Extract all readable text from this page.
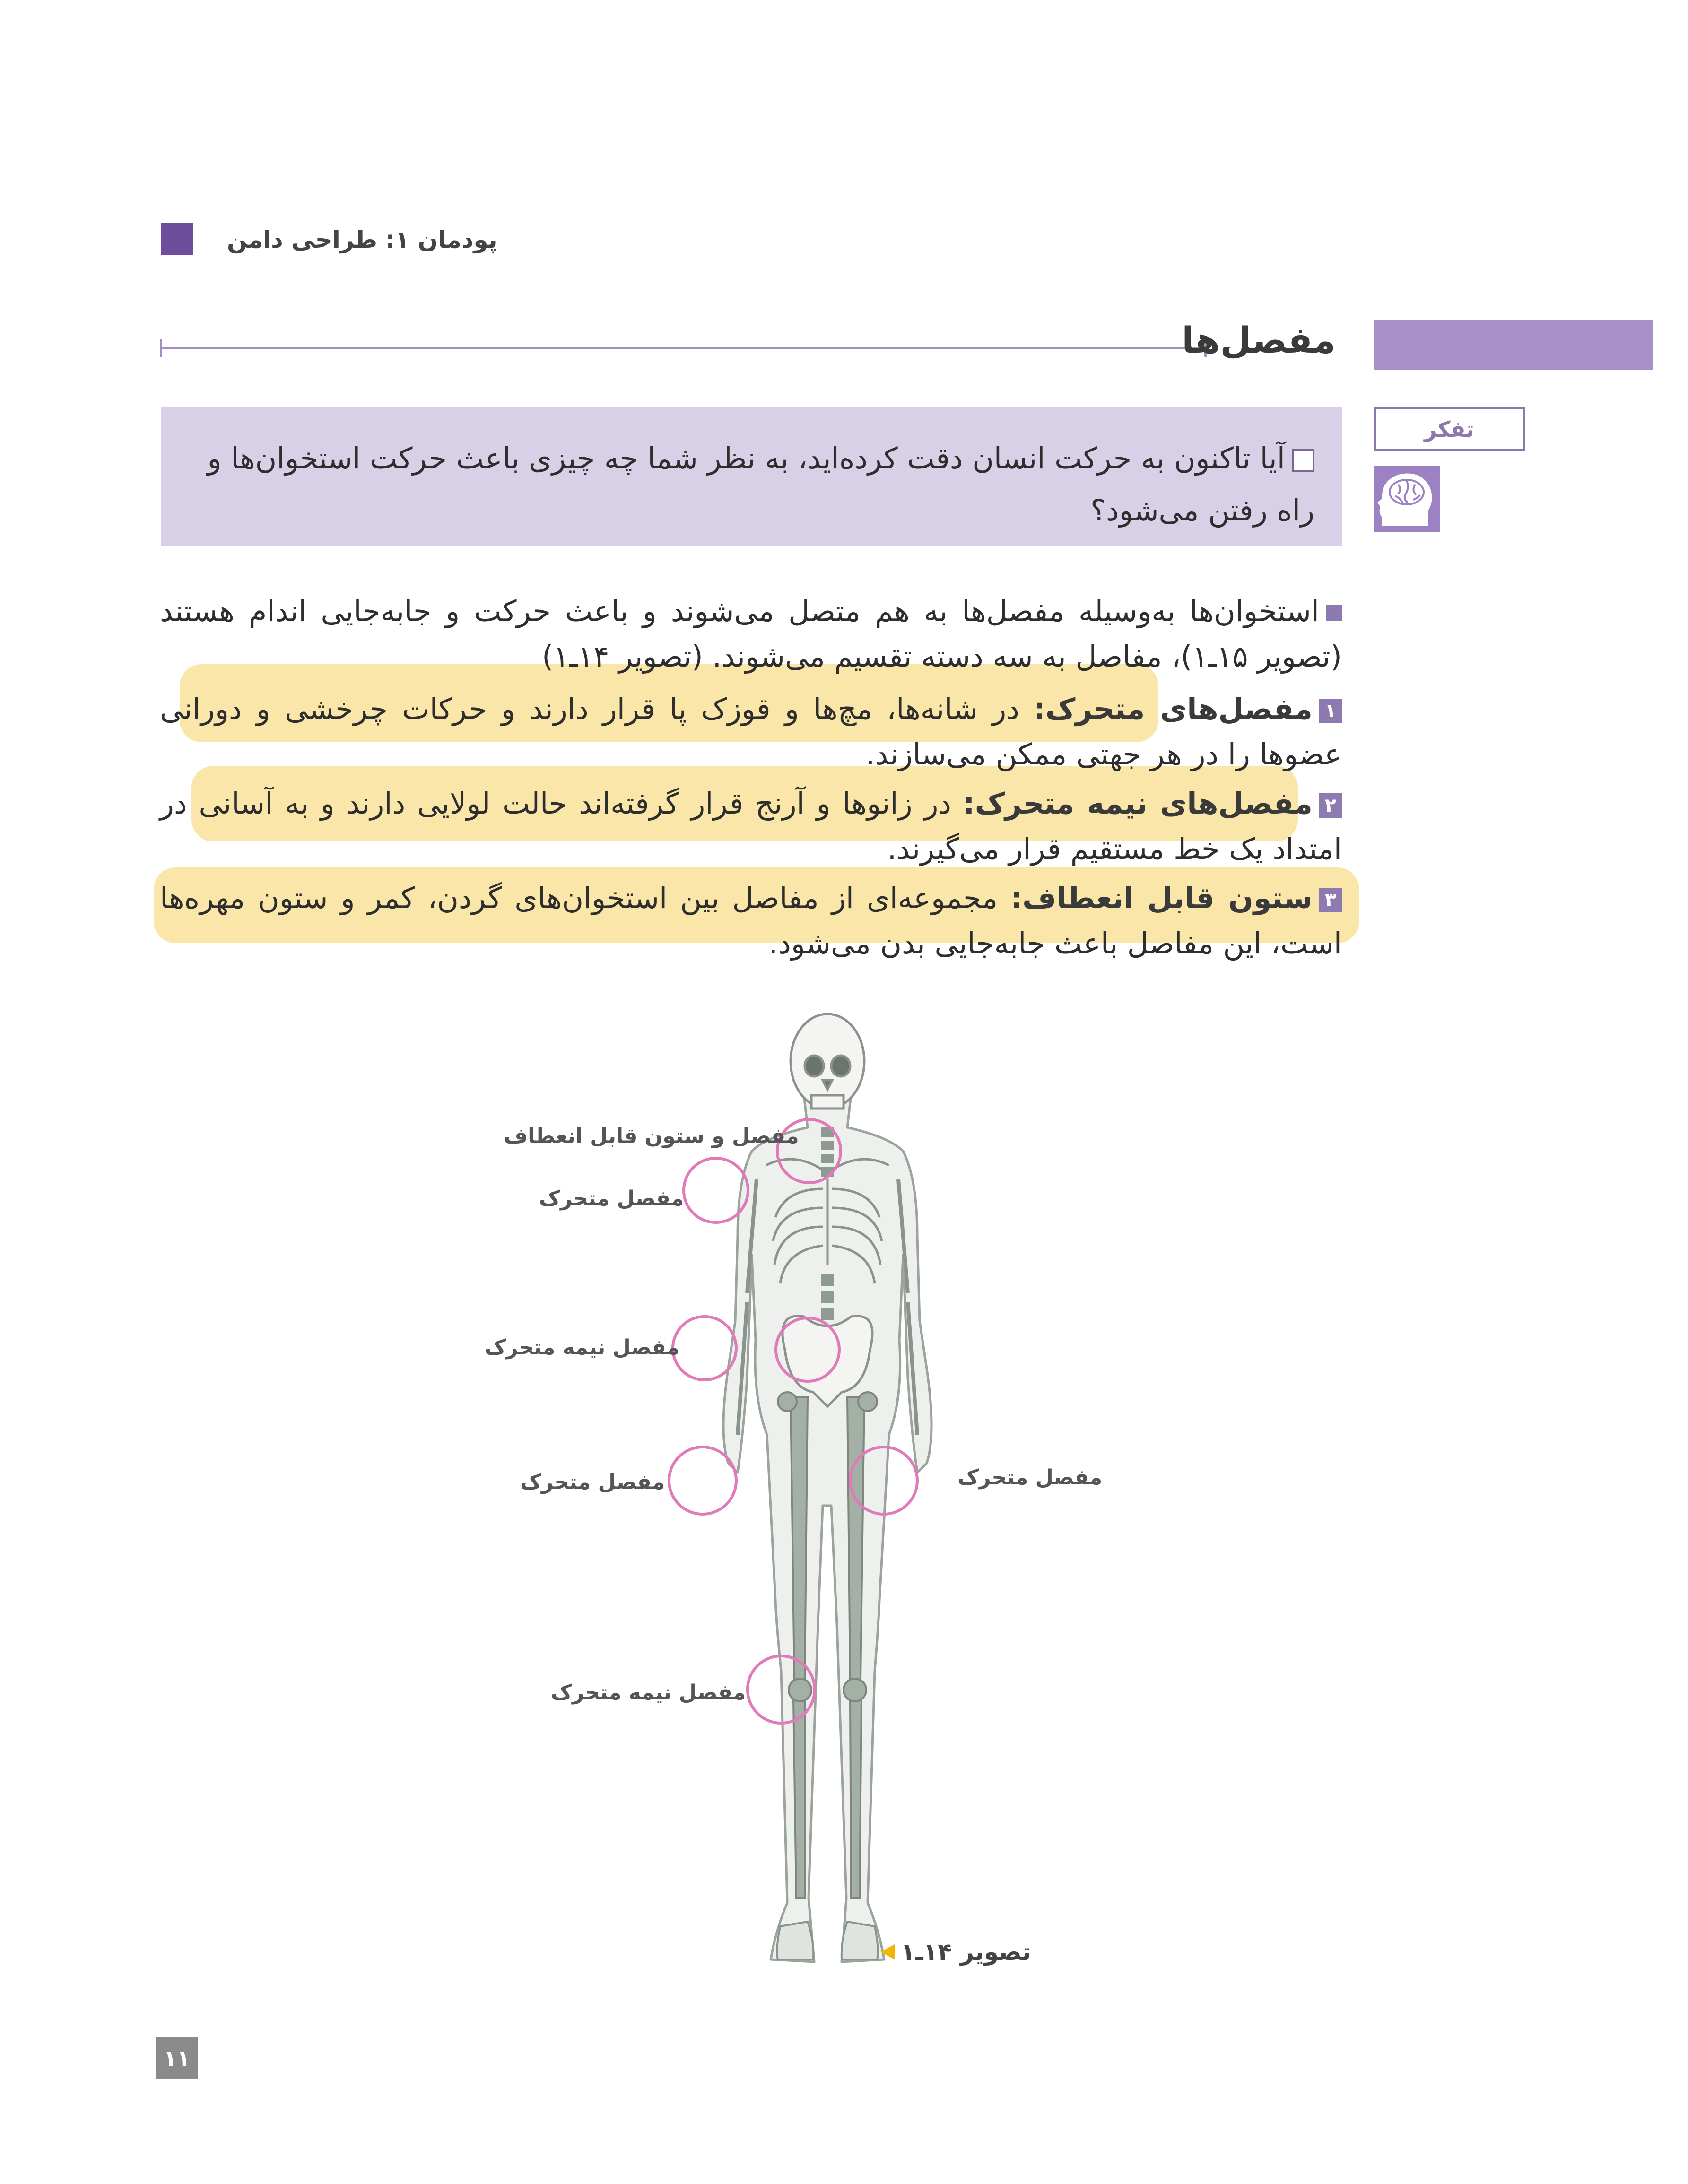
پودمان ۱: طراحی دامن
مفصل‌ها
آیا تاکنون به حرکت انسان دقت کرده‌اید، به نظر شما چه چیزی باعث حرکت استخوان‌ها و راه رفتن می‌شود؟
تفکر
استخوان‌ها به‌وسیله مفصل‌ها به هم متصل می‌شوند و باعث حرکت و جابه‌جایی اندام هستند (تصویر ۱۵ـ۱)، مفاصل به سه دسته تقسیم می‌شوند. (تصویر ۱۴ـ۱)
۱مفصل‌های متحرک: در شانه‌ها، مچ‌ها و قوزک پا قرار دارند و حرکات چرخشی و دورانی عضوها را در هر جهتی ممکن می‌سازند.
۲مفصل‌های نیمه متحرک: در زانوها و آرنج قرار گرفته‌اند حالت لولایی دارند و به آسانی در امتداد یک خط مستقیم قرار می‌گیرند.
۳ستون قابل انعطاف: مجموعه‌ای از مفاصل بین استخوان‌های گردن، کمر و ستون مهره‌ها است، این مفاصل باعث جابه‌جایی بدن می‌شود.
مفصل و ستون قابل انعطاف
مفصل متحرک
مفصل نیمه متحرک
مفصل متحرک	مفصل متحرک
مفصل نیمه متحرک
تصویر ۱۴ـ۱
۱۱
